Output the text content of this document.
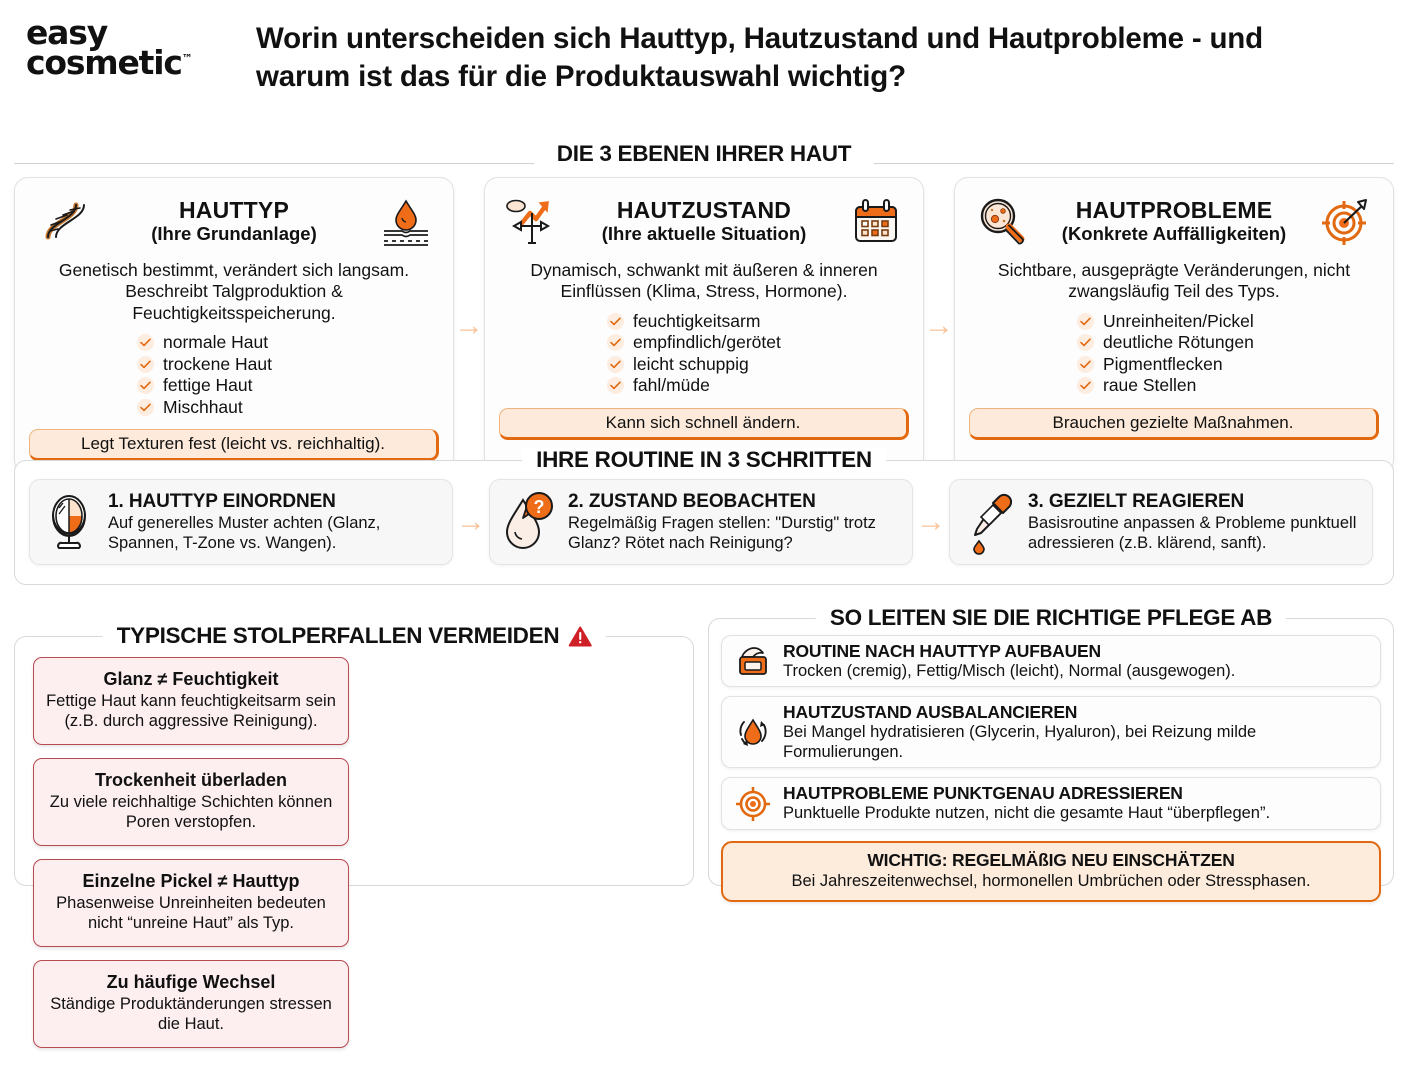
easy
cosmetic™
Worin unterscheiden sich Hauttyp, Hautzustand und Hautprobleme - und warum ist das für die Produktauswahl wichtig?
DIE 3 EBENEN IHRER HAUT
HAUTTYP
(Ihre Grundanlage)
Genetisch bestimmt, verändert sich langsam. Beschreibt Talgproduktion & Feuchtigkeitsspeicherung.
normale Haut
trockene Haut
fettige Haut
Mischhaut
Legt Texturen fest (leicht vs. reichhaltig).
→
HAUTZUSTAND
(Ihre aktuelle Situation)
Dynamisch, schwankt mit äußeren & inneren Einflüssen (Klima, Stress, Hormone).
feuchtigkeitsarm
empfindlich/gerötet
leicht schuppig
fahl/müde
Kann sich schnell ändern.
→
HAUTPROBLEME
(Konkrete Auffälligkeiten)
Sichtbare, ausgeprägte Veränderungen, nicht zwangsläufig Teil des Typs.
Unreinheiten/Pickel
deutliche Rötungen
Pigmentflecken
raue Stellen
Brauchen gezielte Maßnahmen.
IHRE ROUTINE IN 3 SCHRITTEN
1. HAUTTYP EINORDNEN
Auf generelles Muster achten (Glanz, Spannen, T-Zone vs. Wangen).
→	? 2. ZUSTAND BEOBACHTEN
Regelmäßig Fragen stellen: "Durstig" trotz Glanz? Rötet nach Reinigung?
→
3. GEZIELT REAGIEREN
Basisroutine anpassen & Probleme punktuell adressieren (z.B. klärend, sanft).
TYPISCHE STOLPERFALLEN VERMEIDEN
Glanz ≠ Feuchtigkeit
Fettige Haut kann feuchtigkeitsarm sein (z.B. durch aggressive Reinigung).
Trockenheit überladen
Zu viele reichhaltige Schichten können Poren verstopfen.
Einzelne Pickel ≠ Hauttyp
Phasenweise Unreinheiten bedeuten nicht “unreine Haut” als Typ.
Zu häufige Wechsel
Ständige Produktänderungen stressen die Haut.
SO LEITEN SIE DIE RICHTIGE PFLEGE AB
ROUTINE NACH HAUTTYP AUFBAUEN
Trocken (cremig), Fettig/Misch (leicht), Normal (ausgewogen).
HAUTZUSTAND AUSBALANCIEREN
Bei Mangel hydratisieren (Glycerin, Hyaluron), bei Reizung milde Formulierungen.
HAUTPROBLEME PUNKTGENAU ADRESSIEREN
Punktuelle Produkte nutzen, nicht die gesamte Haut “überpflegen”.
WICHTIG: REGELMÄßIG NEU EINSCHÄTZEN
Bei Jahreszeitenwechsel, hormonellen Umbrüchen oder Stressphasen.
